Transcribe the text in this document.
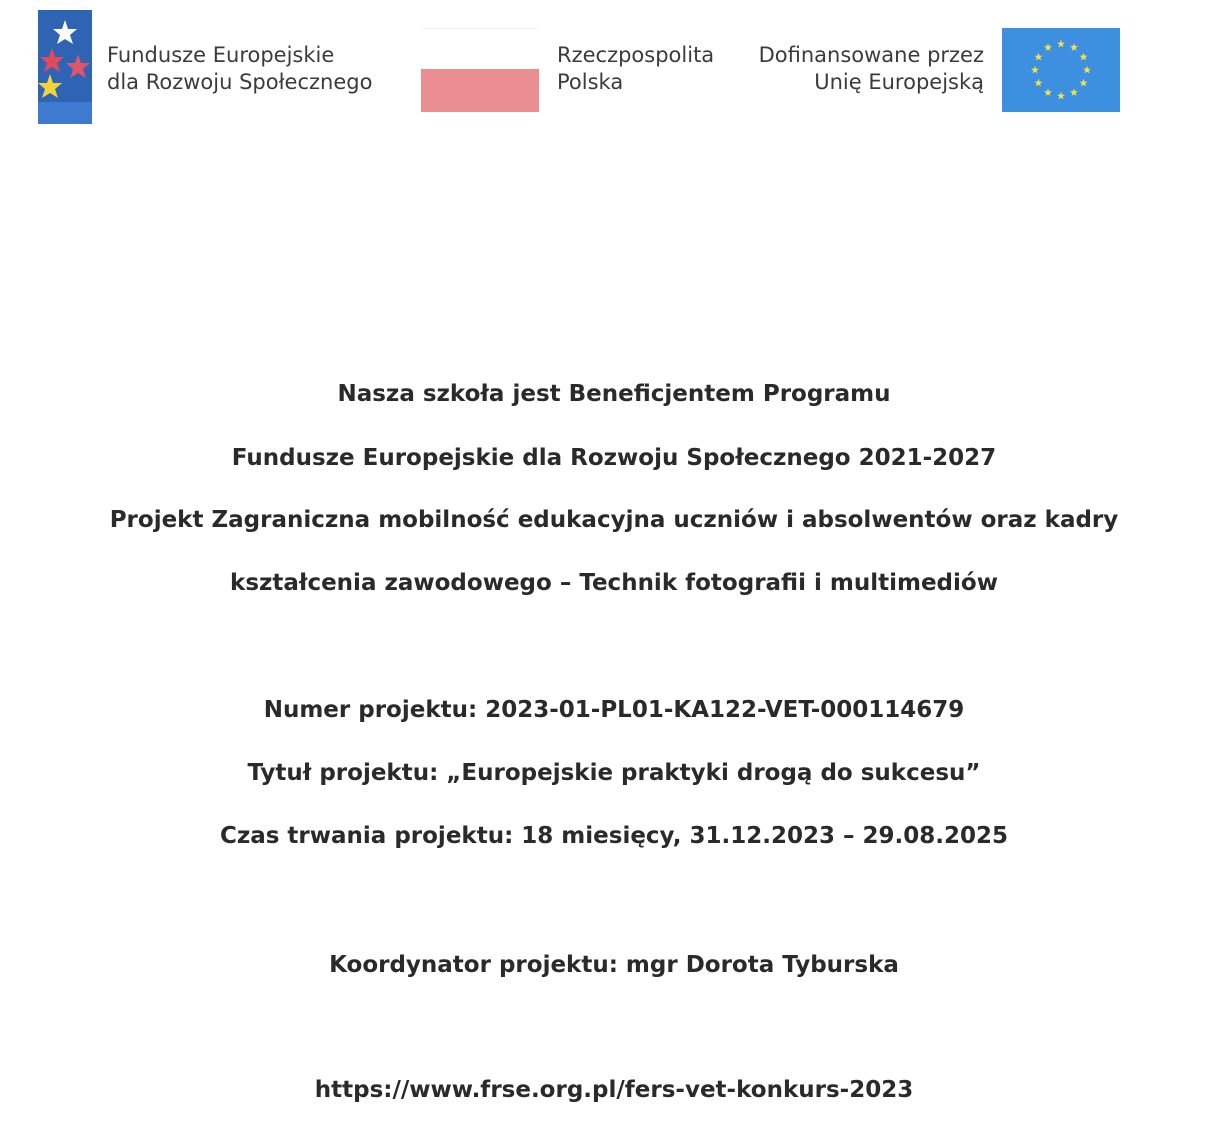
Fundusze Europejskie
dla Rozwoju Społecznego
Rzeczpospolita
Polska
Dofinansowane przez
Unię Europejską
Nasza szkoła jest Beneficjentem Programu
Fundusze Europejskie dla Rozwoju Społecznego 2021-2027
Projekt Zagraniczna mobilność edukacyjna uczniów i absolwentów oraz kadry
kształcenia zawodowego – Technik fotografii i multimediów
Numer projektu: 2023-01-PL01-KA122-VET-000114679
Tytuł projektu: „Europejskie praktyki drogą do sukcesu”
Czas trwania projektu: 18 miesięcy, 31.12.2023 – 29.08.2025
Koordynator projektu: mgr Dorota Tyburska
https://www.frse.org.pl/fers-vet-konkurs-2023
